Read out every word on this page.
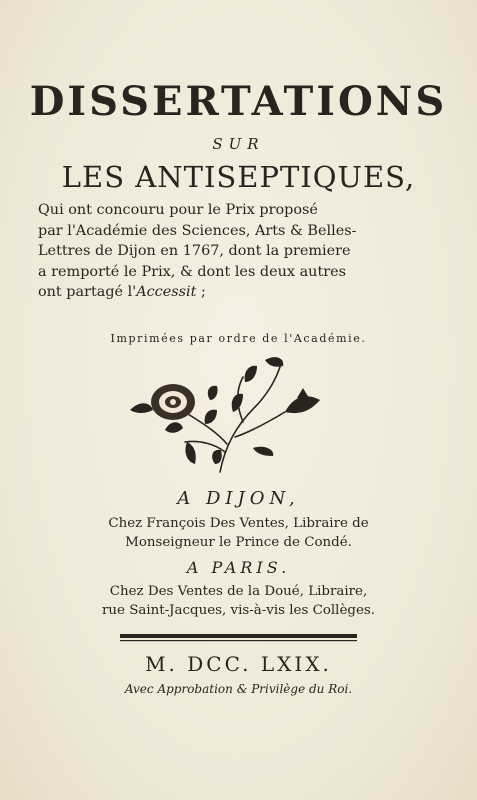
DISSERTATIONS
SUR
LES ANTISEPTIQUES,
Qui ont concouru pour le Prix proposé
par l'Académie des Sciences, Arts & Belles-
Lettres de Dijon en 1767, dont la premiere
a remporté le Prix, & dont les deux autres
ont partagé l'Accessit ;
Imprimées par ordre de l'Académie.
A DIJON,
Chez François Des Ventes, Libraire de
Monseigneur le Prince de Condé.
A PARIS.
Chez Des Ventes de la Doué, Libraire,
rue Saint-Jacques, vis-à-vis les Collèges.
M. DCC. LXIX.
Avec Approbation & Privilège du Roi.
